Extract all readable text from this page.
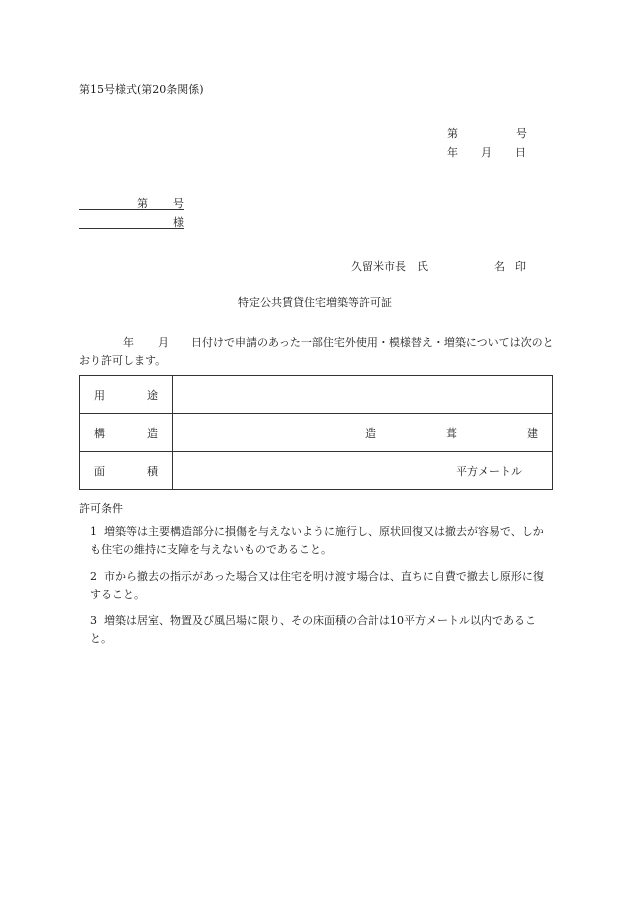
第15号様式(第20条関係)
第	号
年 月 日
第 号
様
久留米市長　氏	名 印
特定公共賃貸住宅増築等許可証
年 月 日付けで申請のあった一部住宅外使用・模様替え・増築については次のとおり許可します。
用 途	

構 造	造 葺 建

面 積	平方メートル
許可条件
1 増築等は主要構造部分に損傷を与えないように施行し、原状回復又は撤去が容易で、しかも住宅の維持に支障を与えないものであること。
2 市から撤去の指示があった場合又は住宅を明け渡す場合は、直ちに自費で撤去し原形に復すること。
3 増築は居室、物置及び風呂場に限り、その床面積の合計は10平方メートル以内であること。
